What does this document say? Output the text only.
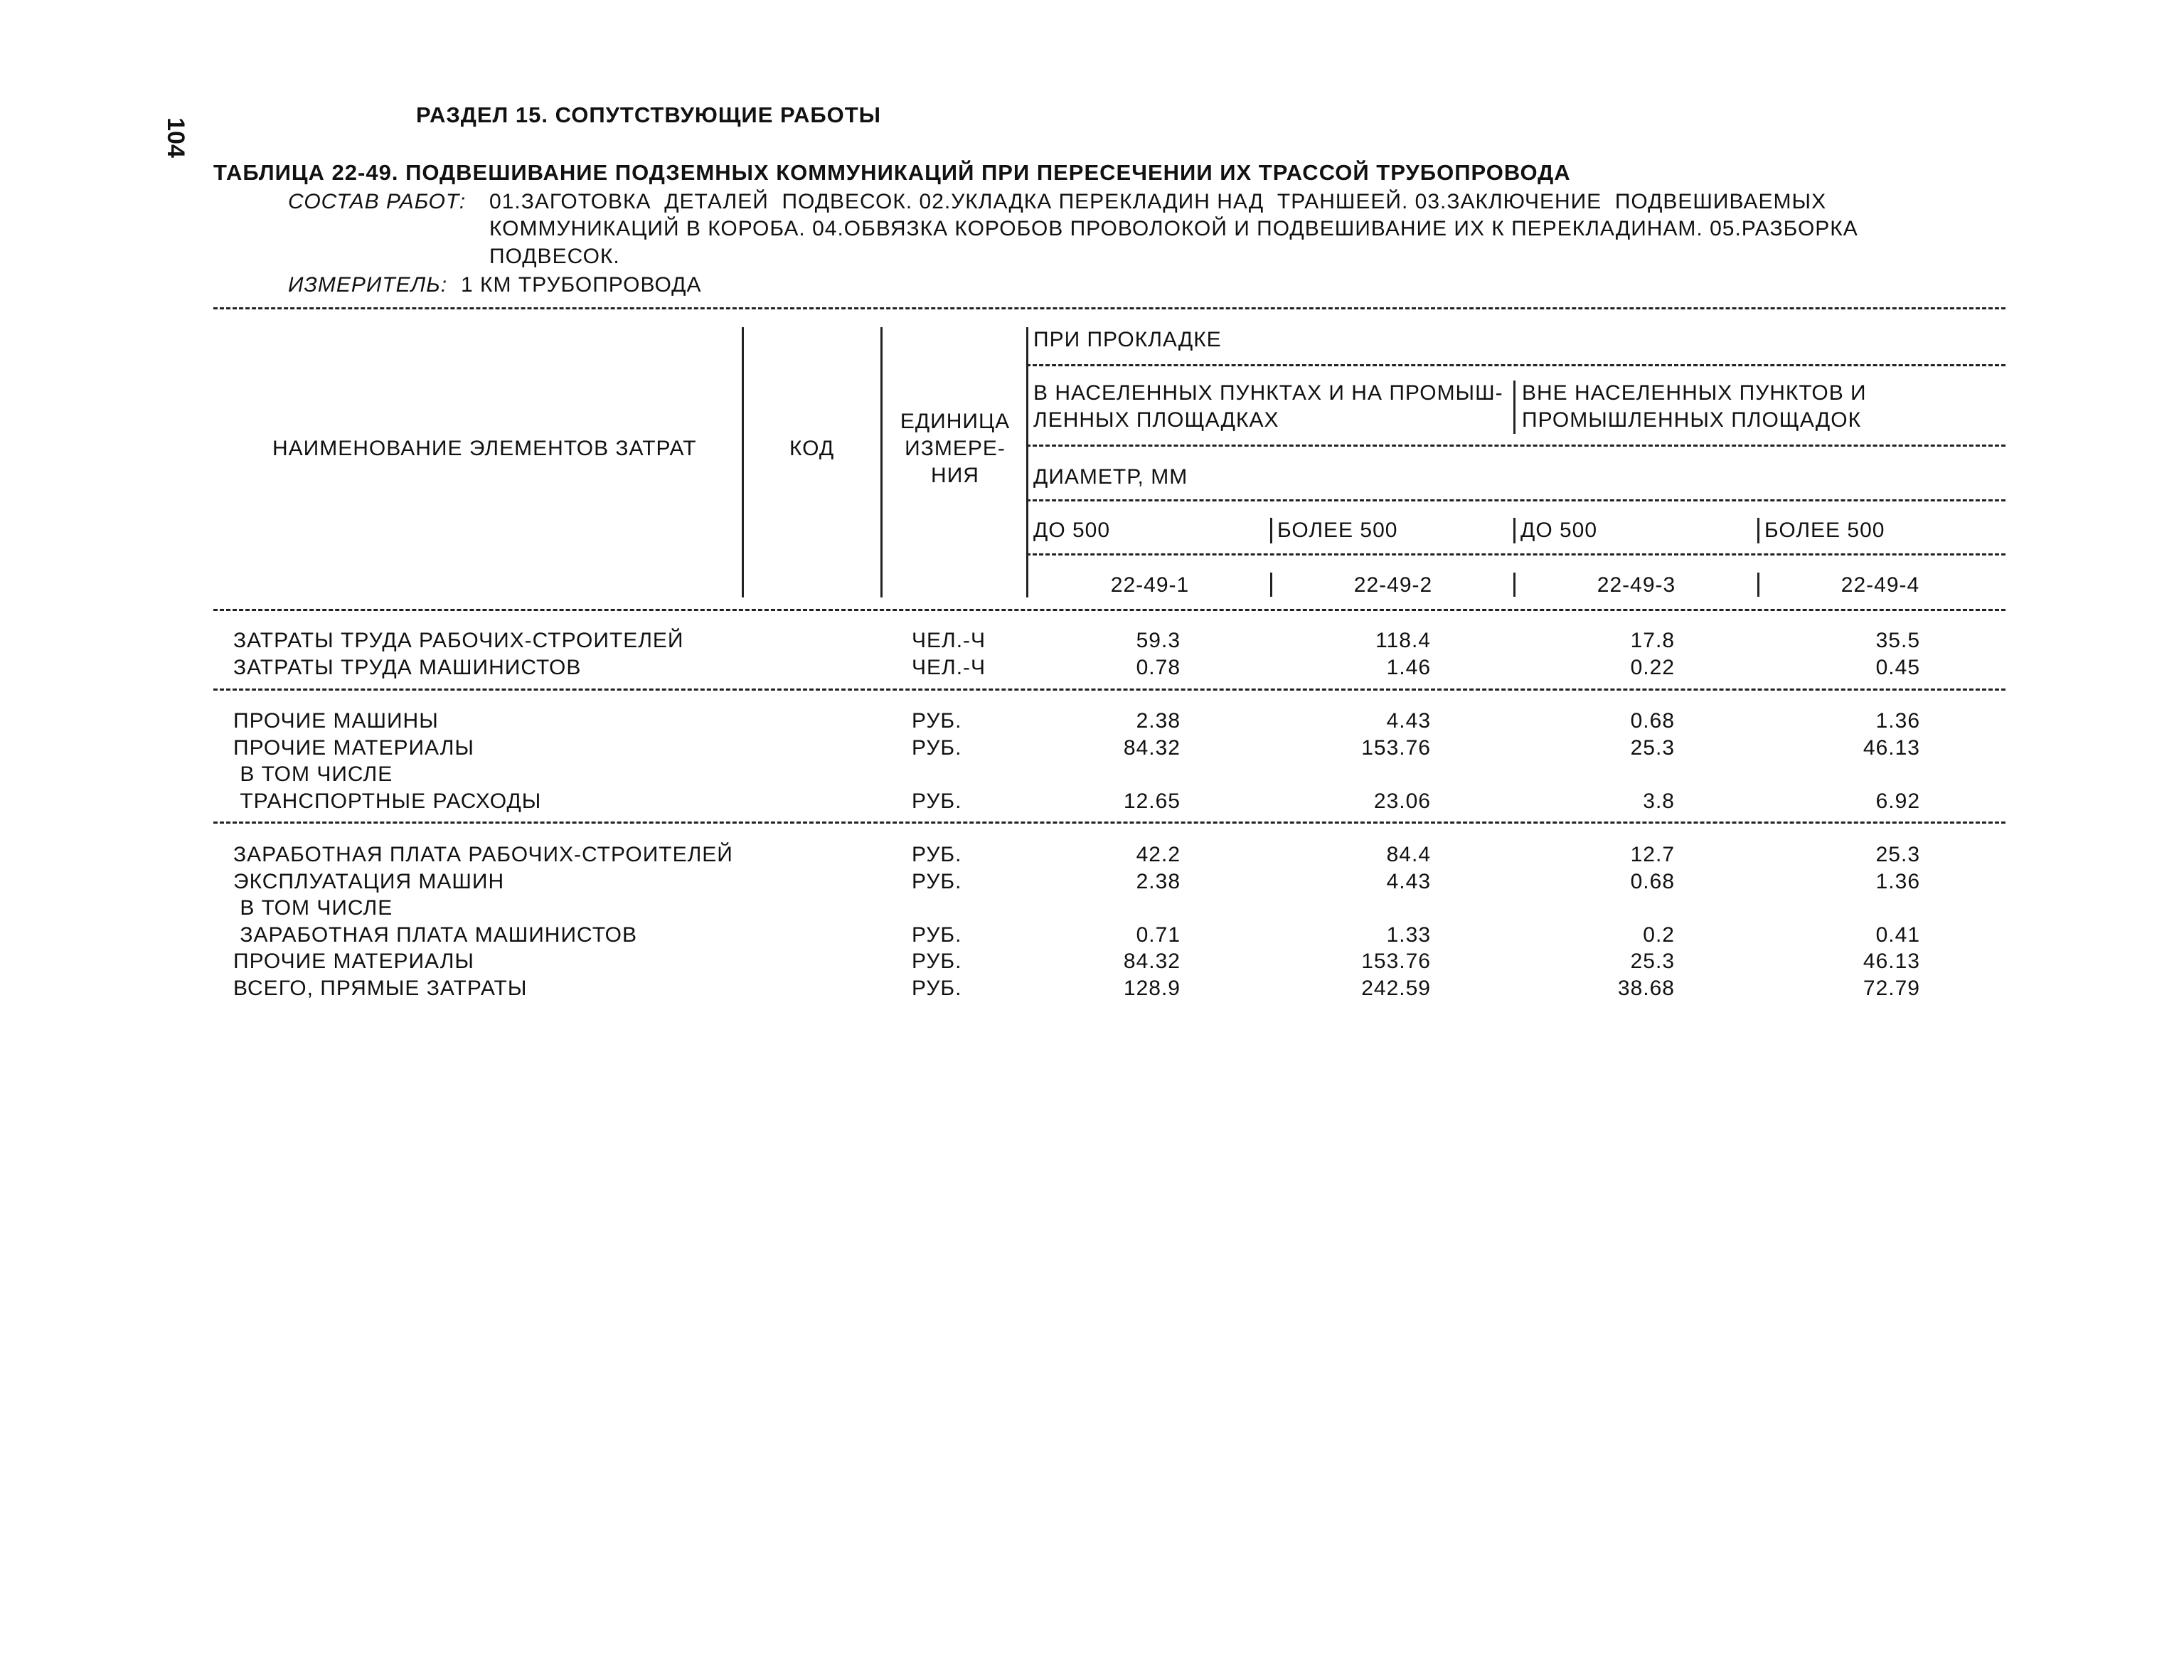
104
РАЗДЕЛ 15. СОПУТСТВУЮЩИЕ РАБОТЫ
ТАБЛИЦА 22-49. ПОДВЕШИВАНИЕ ПОДЗЕМНЫХ КОММУНИКАЦИЙ ПРИ ПЕРЕСЕЧЕНИИ ИХ ТРАССОЙ ТРУБОПРОВОДА
СОСТАВ РАБОТ: 01.ЗАГОТОВКА  ДЕТАЛЕЙ  ПОДВЕСОК. 02.УКЛАДКА ПЕРЕКЛАДИН НАД  ТРАНШЕЕЙ. 03.ЗАКЛЮЧЕНИЕ  ПОДВЕШИВАЕМЫХ
КОММУНИКАЦИЙ В КОРОБА. 04.ОБВЯЗКА КОРОБОВ ПРОВОЛОКОЙ И ПОДВЕШИВАНИЕ ИХ К ПЕРЕКЛАДИНАМ. 05.РАЗБОРКА
ПОДВЕСОК.
ИЗМЕРИТЕЛЬ: 1 КМ ТРУБОПРОВОДА
НАИМЕНОВАНИЕ ЭЛЕМЕНТОВ ЗАТРАТ	КОД
ЕДИНИЦА
ИЗМЕРЕ-
НИЯ
ПРИ ПРОКЛАДКЕ
В НАСЕЛЕННЫХ ПУНКТАХ И НА ПРОМЫШ-
ЛЕННЫХ ПЛОЩАДКАХ
ВНЕ НАСЕЛЕННЫХ ПУНКТОВ И
ПРОМЫШЛЕННЫХ ПЛОЩАДОК
ДИАМЕТР, ММ
ДО 500	БОЛЕЕ 500	ДО 500	БОЛЕЕ 500
22-49-1	22-49-2	22-49-3	22-49-4
ЗАТРАТЫ ТРУДА РАБОЧИХ-СТРОИТЕЛЕЙ	ЧЕЛ.-Ч	59.3	118.4	17.8	35.5
ЗАТРАТЫ ТРУДА МАШИНИСТОВ	ЧЕЛ.-Ч	0.78	1.46	0.22	0.45
ПРОЧИЕ МАШИНЫ	РУБ.	2.38	4.43	0.68	1.36
ПРОЧИЕ МАТЕРИАЛЫ	РУБ.	84.32	153.76	25.3	46.13
В ТОМ ЧИСЛЕ
ТРАНСПОРТНЫЕ РАСХОДЫ	РУБ.	12.65	23.06	3.8	6.92
ЗАРАБОТНАЯ ПЛАТА РАБОЧИХ-СТРОИТЕЛЕЙ	РУБ.	42.2	84.4	12.7	25.3
ЭКСПЛУАТАЦИЯ МАШИН	РУБ.	2.38	4.43	0.68	1.36
В ТОМ ЧИСЛЕ
ЗАРАБОТНАЯ ПЛАТА МАШИНИСТОВ	РУБ.	0.71	1.33	0.2	0.41
ПРОЧИЕ МАТЕРИАЛЫ	РУБ.	84.32	153.76	25.3	46.13
ВСЕГО, ПРЯМЫЕ ЗАТРАТЫ	РУБ.	128.9	242.59	38.68	72.79
